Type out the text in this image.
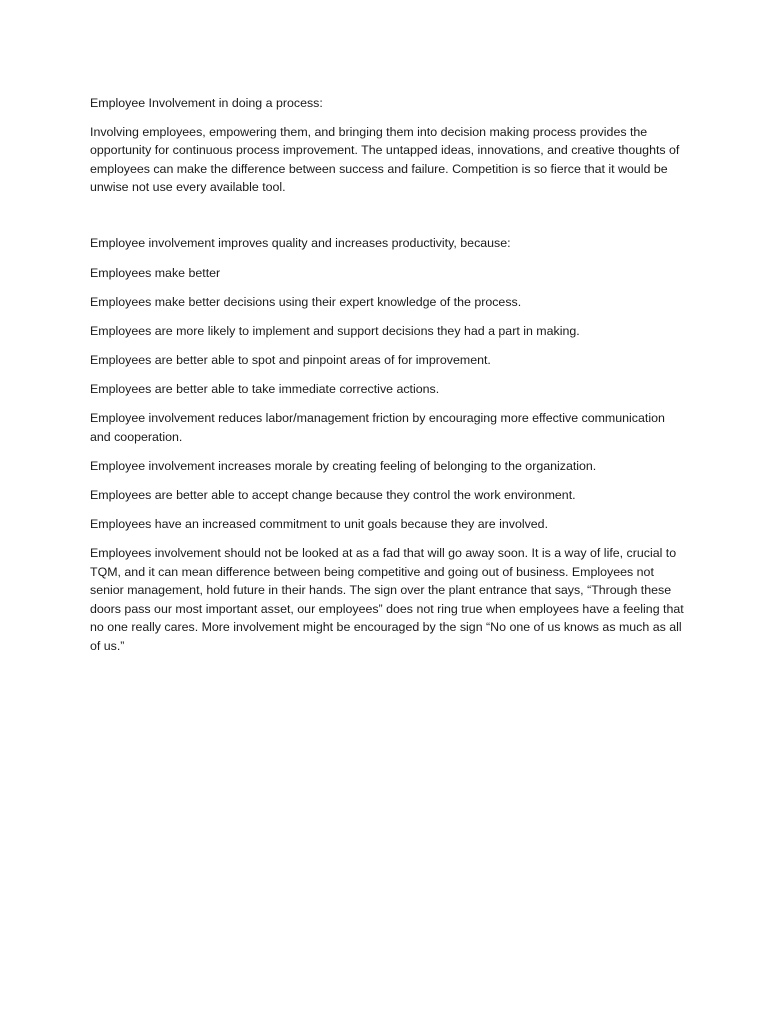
Employee Involvement in doing a process:

Involving employees, empowering them, and bringing them into decision making process provides the opportunity for continuous process improvement. The untapped ideas, innovations, and creative thoughts of employees can make the difference between success and failure. Competition is so fierce that it would be unwise not use every available tool.

Employee involvement improves quality and increases productivity, because:

Employees make better

Employees make better decisions using their expert knowledge of the process.

Employees are more likely to implement and support decisions they had a part in making.

Employees are better able to spot and pinpoint areas of for improvement.

Employees are better able to take immediate corrective actions.

Employee involvement reduces labor/management friction by encouraging more effective communication and cooperation.

Employee involvement increases morale by creating feeling of belonging to the organization.

Employees are better able to accept change because they control the work environment.

Employees have an increased commitment to unit goals because they are involved.

Employees involvement should not be looked at as a fad that will go away soon. It is a way of life, crucial to TQM, and it can mean difference between being competitive and going out of business. Employees not senior management, hold future in their hands. The sign over the plant entrance that says, “Through these doors pass our most important asset, our employees” does not ring true when employees have a feeling that no one really cares. More involvement might be encouraged by the sign “No one of us knows as much as all of us.”
